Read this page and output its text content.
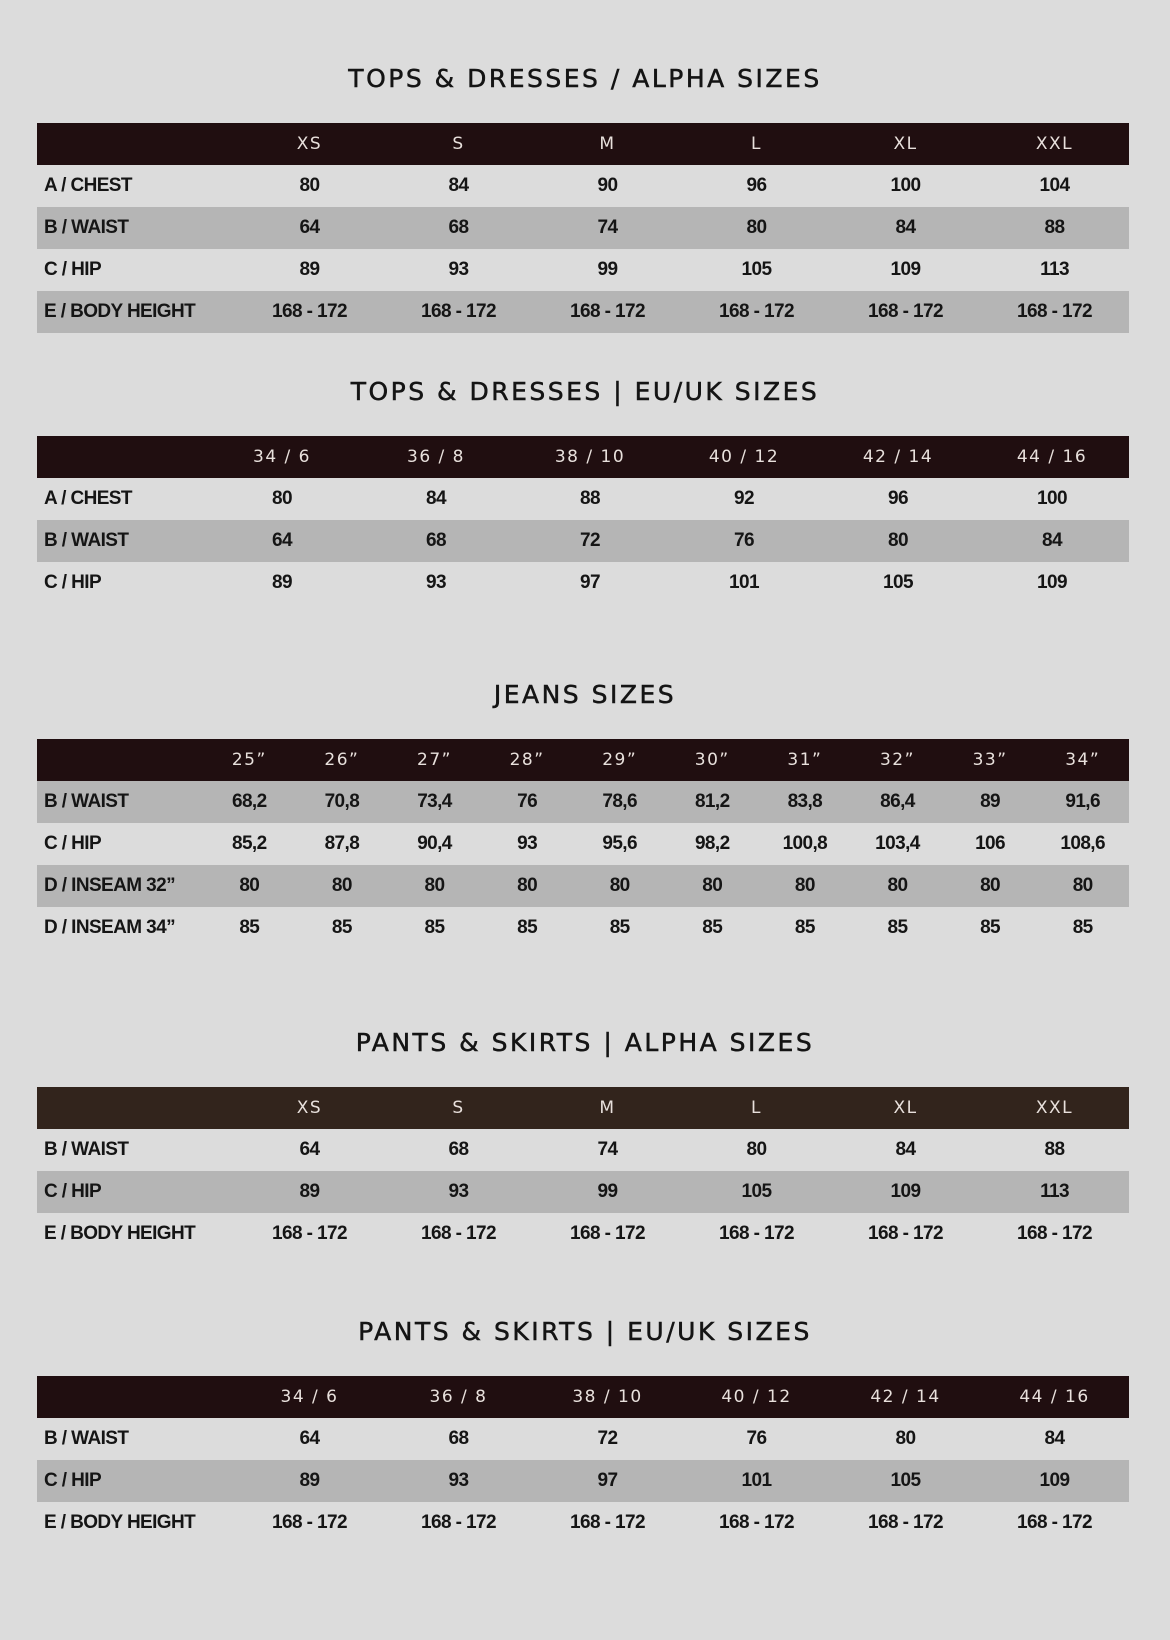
TOPS & DRESSES / ALPHA SIZES
	XS	S	M	L	XL	XXL
A / CHEST	80	84	90	96	100	104
B / WAIST	64	68	74	80	84	88
C / HIP	89	93	99	105	109	113
E / BODY HEIGHT	168 - 172	168 - 172	168 - 172	168 - 172	168 - 172	168 - 172
TOPS & DRESSES | EU/UK SIZES
	34 / 6	36 / 8	38 / 10	40 / 12	42 / 14	44 / 16
A / CHEST	80	84	88	92	96	100
B / WAIST	64	68	72	76	80	84
C / HIP	89	93	97	101	105	109
JEANS SIZES
	25”	26”	27”	28”	29”	30”	31”	32”	33”	34”
B / WAIST	68,2	70,8	73,4	76	78,6	81,2	83,8	86,4	89	91,6
C / HIP	85,2	87,8	90,4	93	95,6	98,2	100,8	103,4	106	108,6
D / INSEAM 32”	80	80	80	80	80	80	80	80	80	80
D / INSEAM 34”	85	85	85	85	85	85	85	85	85	85
PANTS & SKIRTS | ALPHA SIZES
	XS	S	M	L	XL	XXL
B / WAIST	64	68	74	80	84	88
C / HIP	89	93	99	105	109	113
E / BODY HEIGHT	168 - 172	168 - 172	168 - 172	168 - 172	168 - 172	168 - 172
PANTS & SKIRTS | EU/UK SIZES
	34 / 6	36 / 8	38 / 10	40 / 12	42 / 14	44 / 16
B / WAIST	64	68	72	76	80	84
C / HIP	89	93	97	101	105	109
E / BODY HEIGHT	168 - 172	168 - 172	168 - 172	168 - 172	168 - 172	168 - 172
